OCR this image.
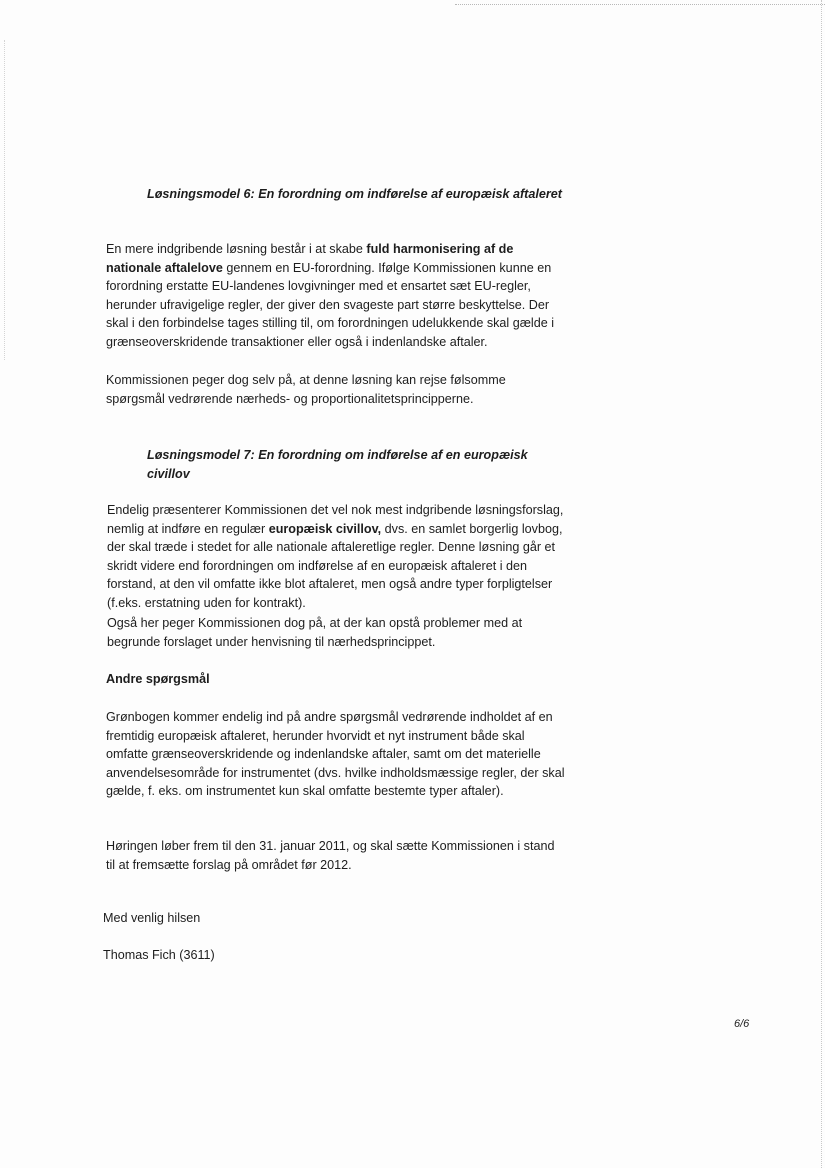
Løsningsmodel 6: En forordning om indførelse af europæisk aftaleret

En mere indgribende løsning består i at skabe fuld harmonisering af de nationale aftalelove gennem en EU-forordning. Ifølge Kommissionen kunne en forordning erstatte EU-landenes lovgivninger med et ensartet sæt EU-regler, herunder ufravigelige regler, der giver den svageste part større beskyttelse. Der skal i den forbindelse tages stilling til, om forordningen udelukkende skal gælde i grænseoverskridende transaktioner eller også i indenlandske aftaler.

Kommissionen peger dog selv på, at denne løsning kan rejse følsomme spørgsmål vedrørende nærheds- og proportionalitetsprincipperne.

Løsningsmodel 7: En forordning om indførelse af en europæisk civillov

Endelig præsenterer Kommissionen det vel nok mest indgribende løsningsforslag, nemlig at indføre en regulær europæisk civillov, dvs. en samlet borgerlig lovbog, der skal træde i stedet for alle nationale aftaleretlige regler. Denne løsning går et skridt videre end forordningen om indførelse af en europæisk aftaleret i den forstand, at den vil omfatte ikke blot aftaleret, men også andre typer forpligtelser (f.eks. erstatning uden for kontrakt).

Også her peger Kommissionen dog på, at der kan opstå problemer med at begrunde forslaget under henvisning til nærhedsprincippet.

Andre spørgsmål

Grønbogen kommer endelig ind på andre spørgsmål vedrørende indholdet af en fremtidig europæisk aftaleret, herunder hvorvidt et nyt instrument både skal omfatte grænseoverskridende og indenlandske aftaler, samt om det materielle anvendelsesområde for instrumentet (dvs. hvilke indholdsmæssige regler, der skal gælde, f. eks. om instrumentet kun skal omfatte bestemte typer aftaler).

Høringen løber frem til den 31. januar 2011, og skal sætte Kommissionen i stand til at fremsætte forslag på området før 2012.

Med venlig hilsen

Thomas Fich (3611)

6/6
